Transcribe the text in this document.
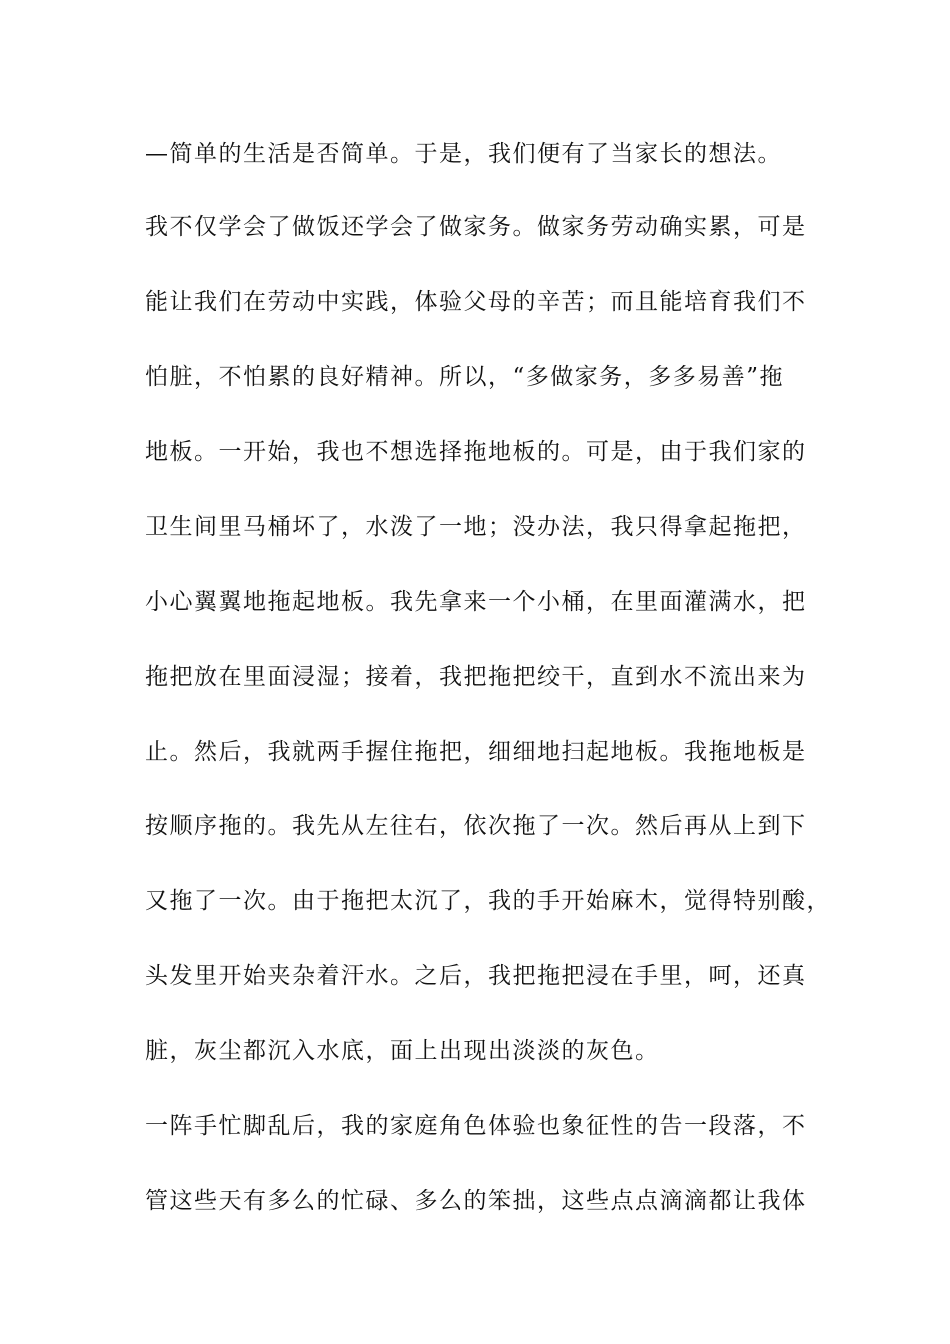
—简单的生活是否简单。于是，我们便有了当家长的想法。
我不仅学会了做饭还学会了做家务。做家务劳动确实累，可是
能让我们在劳动中实践，体验父母的辛苦；而且能培育我们不
怕脏，不怕累的良好精神。所以，“多做家务，多多易善”拖
地板。一开始，我也不想选择拖地板的。可是，由于我们家的
卫生间里马桶坏了，水泼了一地；没办法，我只得拿起拖把，
小心翼翼地拖起地板。我先拿来一个小桶，在里面灌满水，把
拖把放在里面浸湿；接着，我把拖把绞干，直到水不流出来为
止。然后，我就两手握住拖把，细细地扫起地板。我拖地板是
按顺序拖的。我先从左往右，依次拖了一次。然后再从上到下
又拖了一次。由于拖把太沉了，我的手开始麻木，觉得特别酸，
头发里开始夹杂着汗水。之后，我把拖把浸在手里，呵，还真
脏，灰尘都沉入水底，面上出现出淡淡的灰色。
一阵手忙脚乱后，我的家庭角色体验也象征性的告一段落，不
管这些天有多么的忙碌、多么的笨拙，这些点点滴滴都让我体
